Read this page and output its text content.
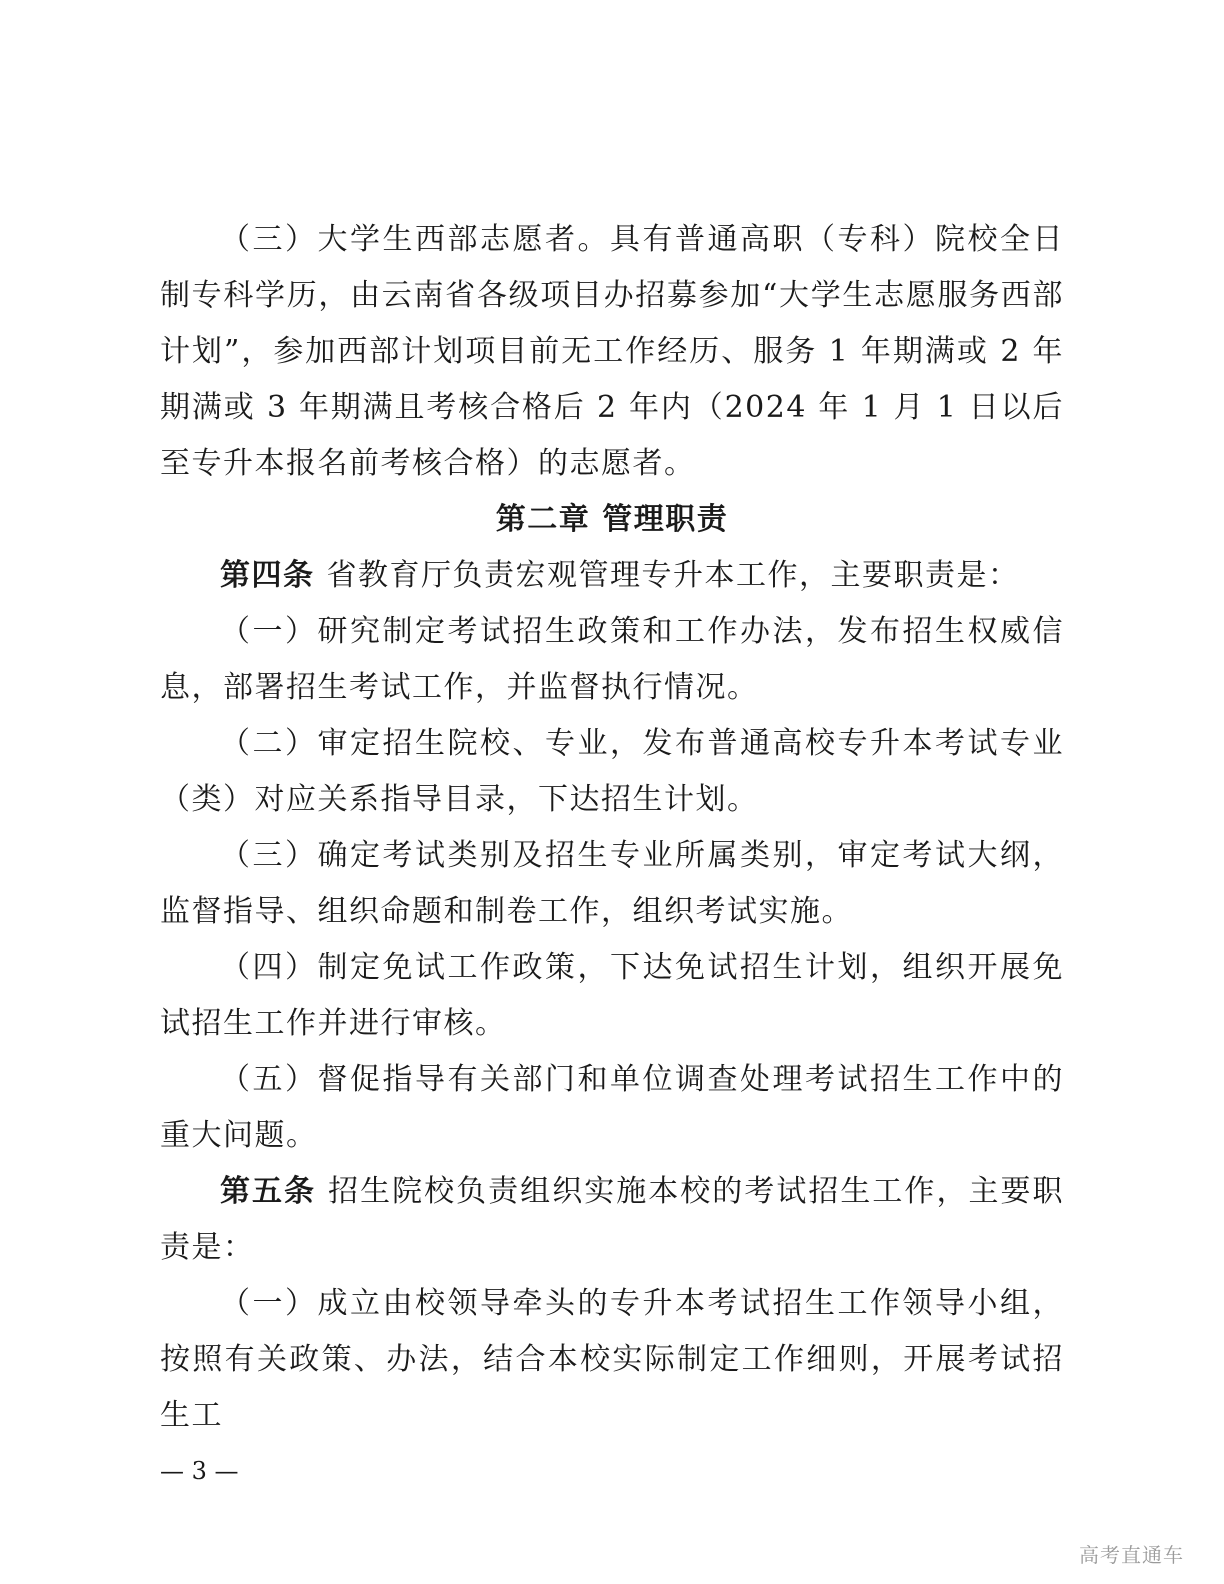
（三）大学生西部志愿者。具有普通高职（专科）院校全日制专科学历，由云南省各级项目办招募参加“大学生志愿服务西部计划”，参加西部计划项目前无工作经历、服务 1 年期满或 2 年期满或 3 年期满且考核合格后 2 年内（2024 年 1 月 1 日以后至专升本报名前考核合格）的志愿者。

第二章 管理职责

第四条 省教育厅负责宏观管理专升本工作，主要职责是：

（一）研究制定考试招生政策和工作办法，发布招生权威信息，部署招生考试工作，并监督执行情况。

（二）审定招生院校、专业，发布普通高校专升本考试专业（类）对应关系指导目录，下达招生计划。

（三）确定考试类别及招生专业所属类别，审定考试大纲，监督指导、组织命题和制卷工作，组织考试实施。

（四）制定免试工作政策，下达免试招生计划，组织开展免试招生工作并进行审核。

（五）督促指导有关部门和单位调查处理考试招生工作中的重大问题。

第五条 招生院校负责组织实施本校的考试招生工作，主要职责是：

（一）成立由校领导牵头的专升本考试招生工作领导小组，按照有关政策、办法，结合本校实际制定工作细则，开展考试招生工

— 3 —
高考直通车
